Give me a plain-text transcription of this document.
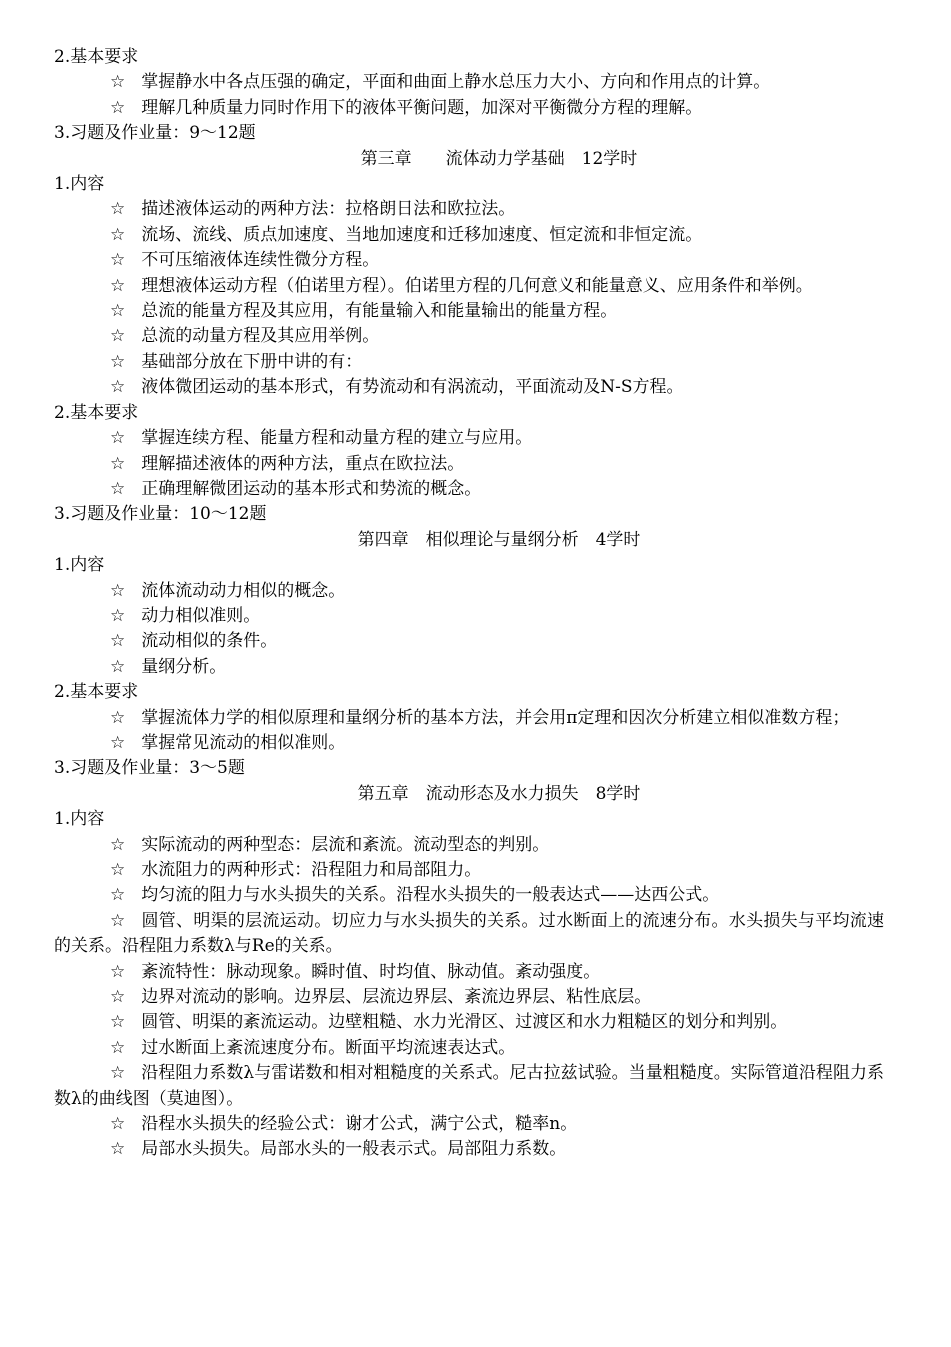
2.基本要求
☆ 掌握静水中各点压强的确定，平面和曲面上静水总压力大小、方向和作用点的计算。
☆ 理解几种质量力同时作用下的液体平衡问题，加深对平衡微分方程的理解。
3.习题及作业量：9～12题
第三章　　流体动力学基础　12学时
1.内容
☆ 描述液体运动的两种方法：拉格朗日法和欧拉法。
☆ 流场、流线、质点加速度、当地加速度和迁移加速度、恒定流和非恒定流。
☆ 不可压缩液体连续性微分方程。
☆ 理想液体运动方程（伯诺里方程）。伯诺里方程的几何意义和能量意义、应用条件和举例。
☆ 总流的能量方程及其应用，有能量输入和能量输出的能量方程。
☆ 总流的动量方程及其应用举例。
☆ 基础部分放在下册中讲的有：
☆ 液体微团运动的基本形式，有势流动和有涡流动，平面流动及N-S方程。
2.基本要求
☆ 掌握连续方程、能量方程和动量方程的建立与应用。
☆ 理解描述液体的两种方法，重点在欧拉法。
☆ 正确理解微团运动的基本形式和势流的概念。
3.习题及作业量：10～12题
第四章　相似理论与量纲分析　4学时
1.内容
☆ 流体流动动力相似的概念。
☆ 动力相似准则。
☆ 流动相似的条件。
☆ 量纲分析。
2.基本要求
☆ 掌握流体力学的相似原理和量纲分析的基本方法，并会用π定理和因次分析建立相似准数方程；
☆ 掌握常见流动的相似准则。
3.习题及作业量：3～5题
第五章　流动形态及水力损失　8学时
1.内容
☆ 实际流动的两种型态：层流和紊流。流动型态的判别。
☆ 水流阻力的两种形式：沿程阻力和局部阻力。
☆ 均匀流的阻力与水头损失的关系。沿程水头损失的一般表达式——达西公式。
☆ 圆管、明渠的层流运动。切应力与水头损失的关系。过水断面上的流速分布。水头损失与平均流速的关系。沿程阻力系数λ与Re的关系。
☆ 紊流特性：脉动现象。瞬时值、时均值、脉动值。紊动强度。
☆ 边界对流动的影响。边界层、层流边界层、紊流边界层、粘性底层。
☆ 圆管、明渠的紊流运动。边壁粗糙、水力光滑区、过渡区和水力粗糙区的划分和判别。
☆ 过水断面上紊流速度分布。断面平均流速表达式。
☆ 沿程阻力系数λ与雷诺数和相对粗糙度的关系式。尼古拉兹试验。当量粗糙度。实际管道沿程阻力系数λ的曲线图（莫迪图）。
☆ 沿程水头损失的经验公式：谢才公式，满宁公式，糙率n。
☆ 局部水头损失。局部水头的一般表示式。局部阻力系数。
